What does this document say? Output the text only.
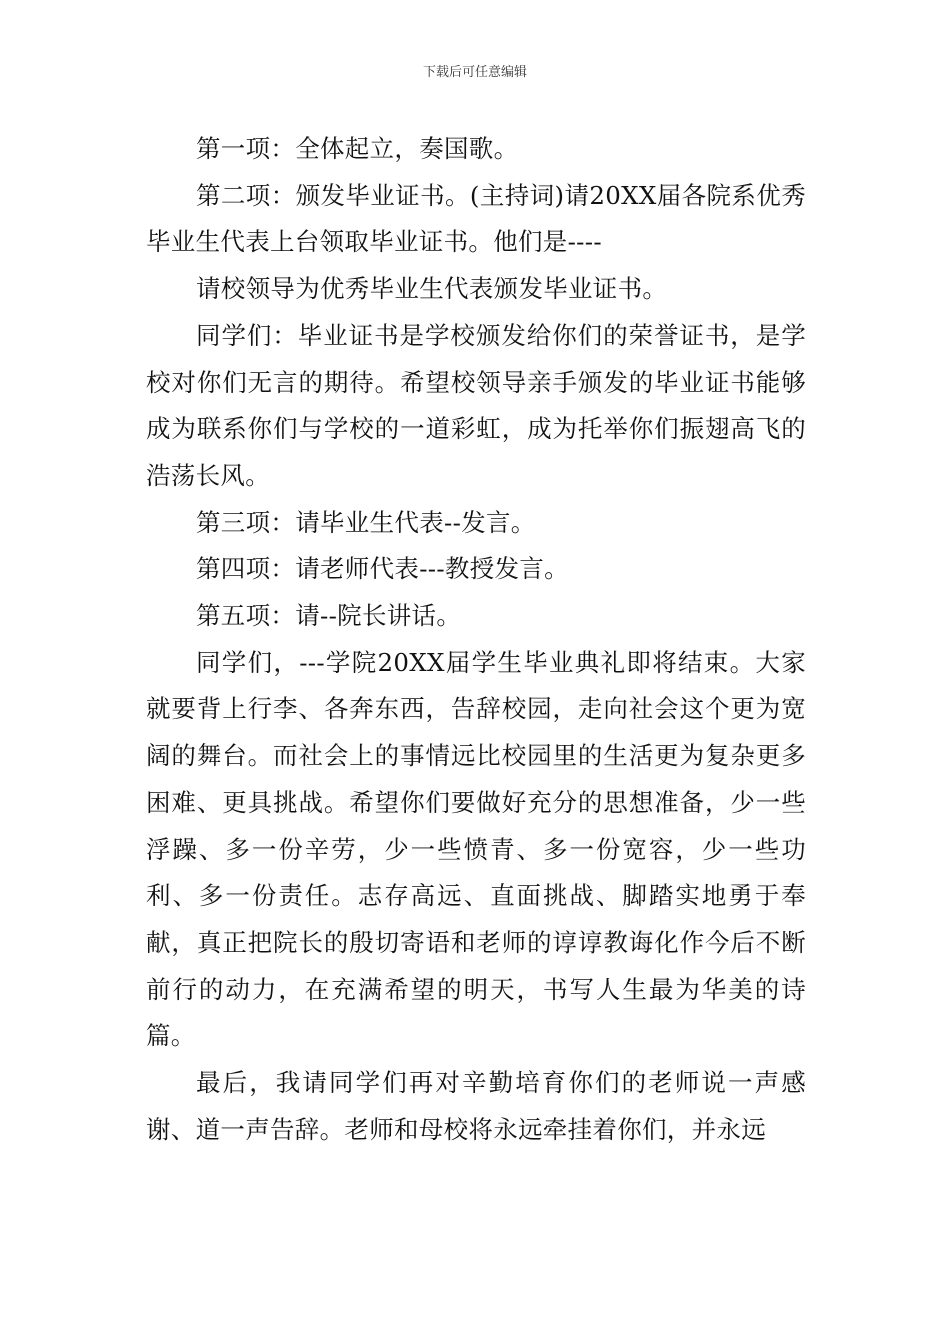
下载后可任意编辑

第一项：全体起立，奏国歌。

第二项：颁发毕业证书。(主持词)请20XX届各院系优秀毕业生代表上台领取毕业证书。他们是----

请校领导为优秀毕业生代表颁发毕业证书。

同学们：毕业证书是学校颁发给你们的荣誉证书，是学校对你们无言的期待。希望校领导亲手颁发的毕业证书能够成为联系你们与学校的一道彩虹，成为托举你们振翅高飞的浩荡长风。

第三项：请毕业生代表--发言。

第四项：请老师代表---教授发言。

第五项：请--院长讲话。

同学们，---学院20XX届学生毕业典礼即将结束。大家就要背上行李、各奔东西，告辞校园，走向社会这个更为宽阔的舞台。而社会上的事情远比校园里的生活更为复杂更多困难、更具挑战。希望你们要做好充分的思想准备，少一些浮躁、多一份辛劳，少一些愤青、多一份宽容，少一些功利、多一份责任。志存高远、直面挑战、脚踏实地勇于奉献，真正把院长的殷切寄语和老师的谆谆教诲化作今后不断前行的动力，在充满希望的明天，书写人生最为华美的诗篇。

最后，我请同学们再对辛勤培育你们的老师说一声感谢、道一声告辞。老师和母校将永远牵挂着你们，并永远
